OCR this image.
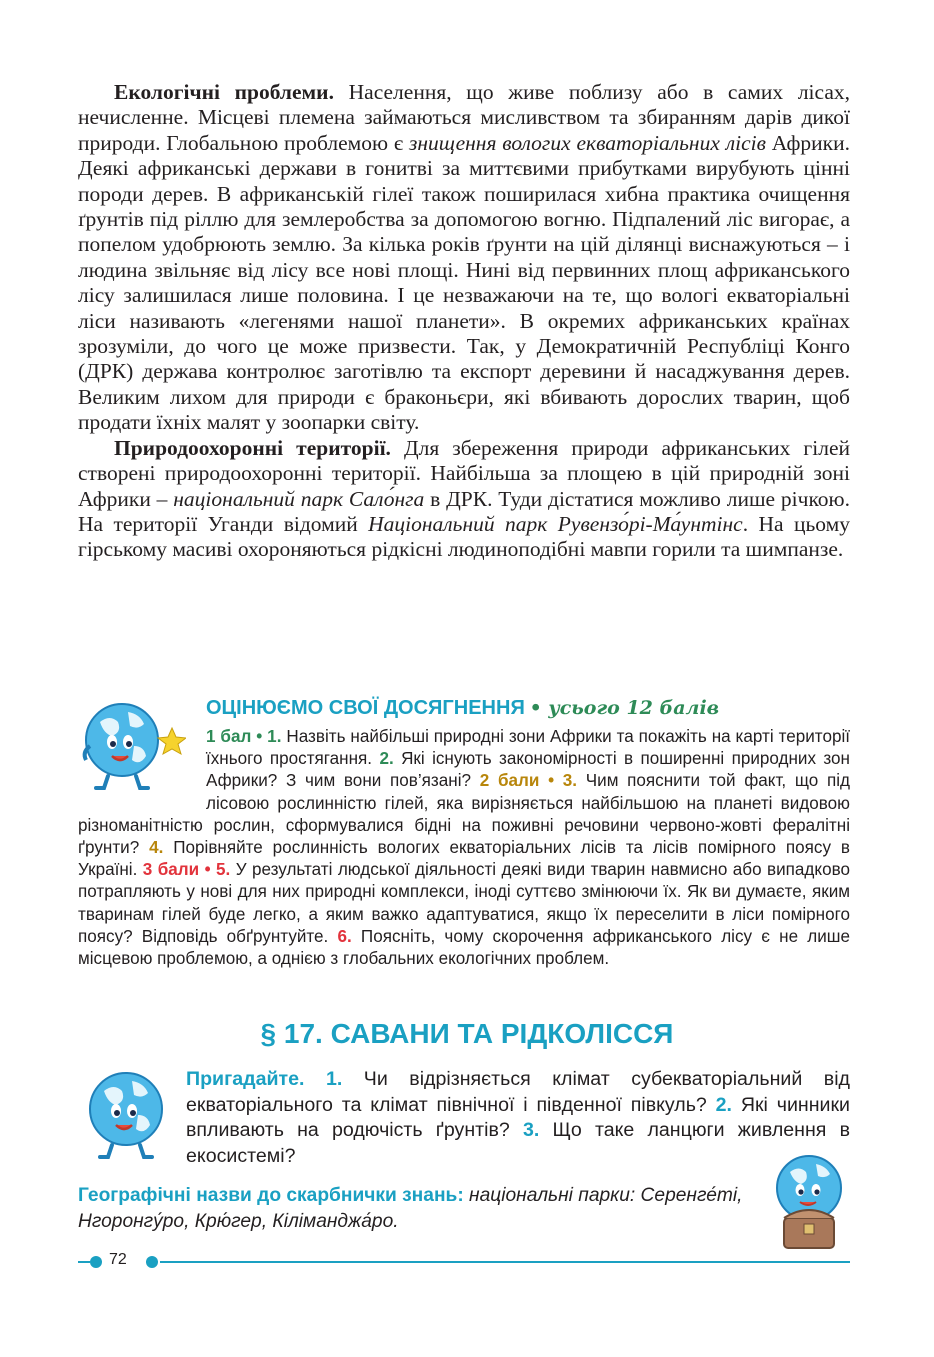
Екологічні проблеми. Населення, що живе поблизу або в самих лісах, нечисленне. Місцеві племена займаються мисливством та збиранням дарів дикої природи. Глобальною проблемою є знищення вологих екваторіальних лісів Африки. Деякі африканські держави в гонитві за миттєвими прибутками вирубують цінні породи дерев. В африканській гілеї також поширилася хибна практика очищення ґрунтів під ріллю для землеробства за допомогою вогню. Підпалений ліс вигорає, а попелом удобрюють землю. За кілька років ґрунти на цій ділянці виснажуються – і людина звільняє від лісу все нові площі. Нині від первинних площ африканського лісу залишилася лише половина. І це незважаючи на те, що вологі екваторіальні ліси називають «легенями нашої планети». В окремих африканських країнах зрозуміли, до чого це може призвести. Так, у Демократичній Республіці Конго (ДРК) держава контролює заготівлю та експорт деревини й насаджування дерев. Великим лихом для природи є браконьєри, які вбивають дорослих тварин, щоб продати їхніх малят у зоопарки світу.

Природоохоронні території. Для збереження природи африканських гілей створені природоохоронні території. Найбільша за площею в цій природній зоні Африки – національний парк Сало́нга в ДРК. Туди дістатися можливо лише річкою. На території Уганди відомий Національний парк Рувензо́рі-Ма́унтінс. На цьому гірському масиві охороняються рідкісні людиноподібні мавпи горили та шимпанзе.

ОЦІНЮЄМО СВОЇ ДОСЯГНЕННЯ • усього 12 балів
1 бал • 1. Назвіть найбільші природні зони Африки та покажіть на карті території їхнього простягання. 2. Які існують закономірності в поширенні природних зон Африки? З чим вони пов’язані? 2 бали • 3. Чим пояснити той факт, що під лісовою рослинністю гілей, яка вирізняється найбільшою на планеті видовою різноманітністю рослин, сформувалися бідні на поживні речовини червоно-жовті фералітні ґрунти? 4. Порівняйте рослинність вологих екваторіальних лісів та лісів помірного поясу в Україні. 3 бали • 5. У результаті людської діяльності деякі види тварин навмисно або випадково потрапляють у нові для них природні комплекси, іноді суттєво змінюючи їх. Як ви думаєте, яким тваринам гілей буде легко, а яким важко адаптуватися, якщо їх переселити в ліси помірного поясу? Відповідь обґрунтуйте. 6. Поясніть, чому скорочення африканського лісу є не лише місцевою проблемою, а однією з глобальних екологічних проблем.
§ 17. САВАНИ ТА РІДКОЛІССЯ
Пригадайте. 1. Чи відрізняється клімат субекваторіальний від екваторіального та клімат північної і південної півкуль? 2. Які чинники впливають на родючість ґрунтів? 3. Що таке ланцюги живлення в екосистемі?
Географічні назви до скарбнички знань: національні парки: Серенге́ті, Нгоронгу́ро, Крю́гер, Кіліманджа́ро.
72
